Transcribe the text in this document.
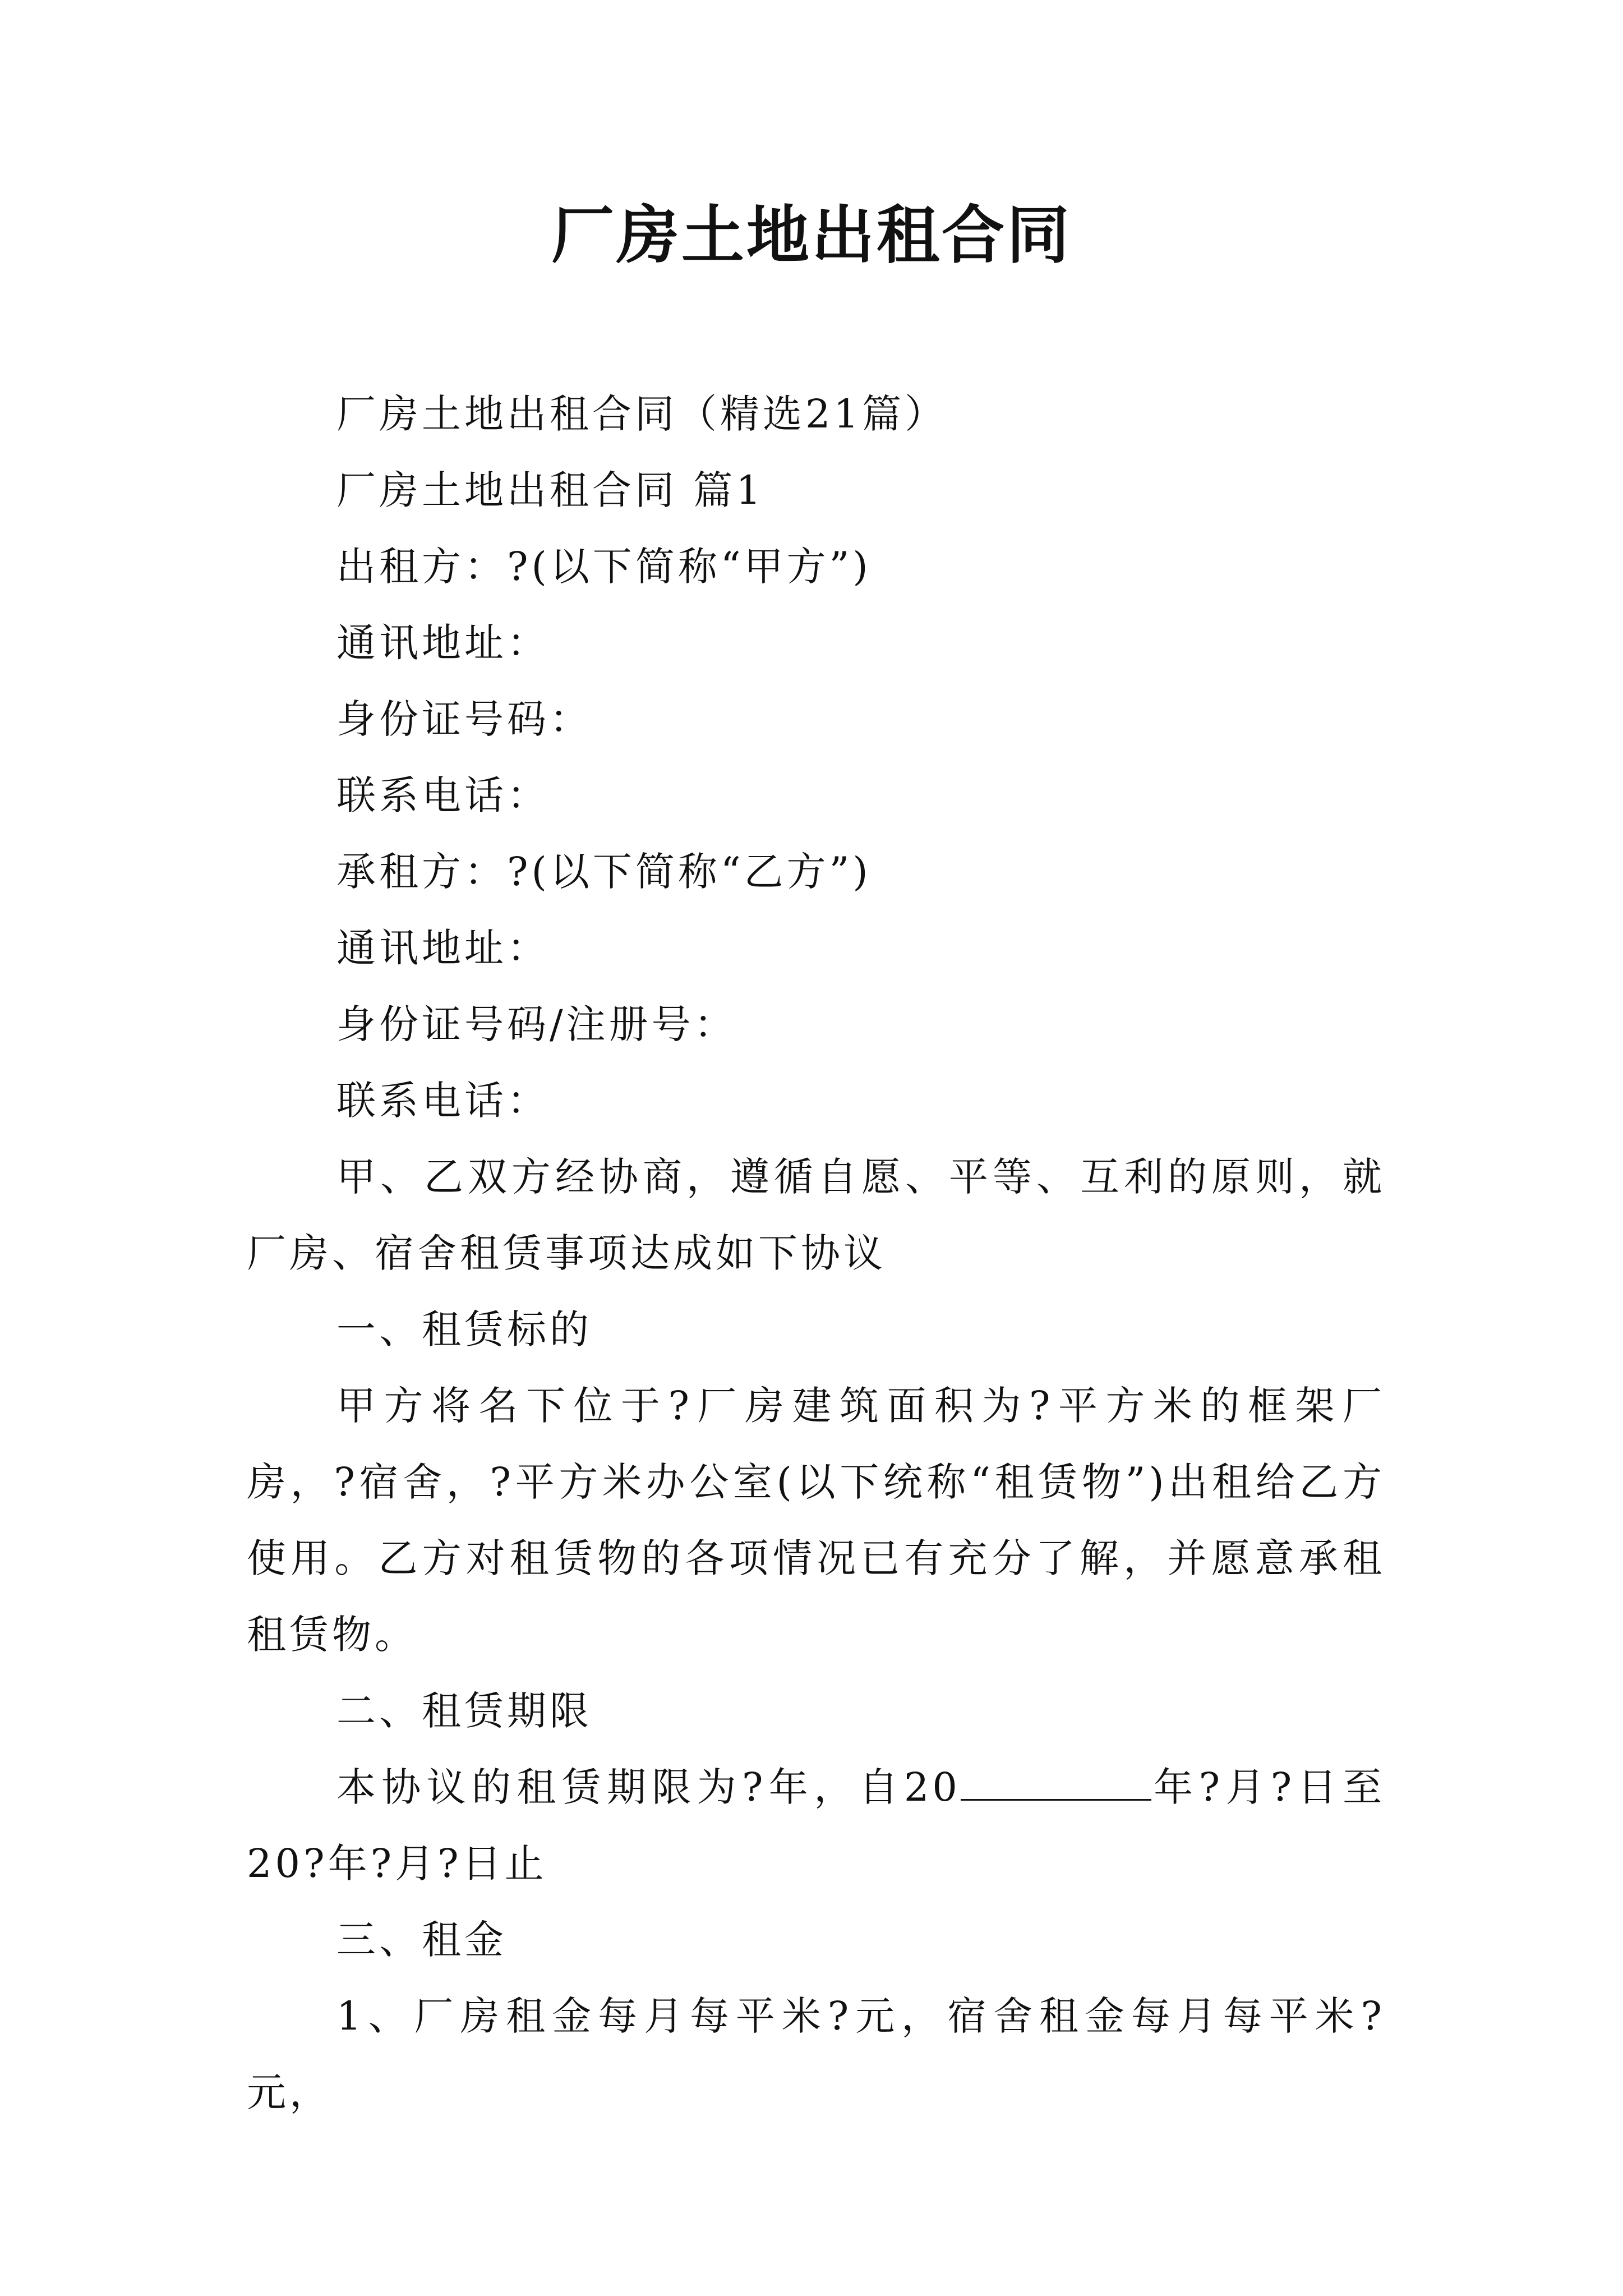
厂房土地出租合同

厂房土地出租合同（精选21篇）

厂房土地出租合同 篇1

出租方：?(以下简称“甲方”)

通讯地址：

身份证号码：

联系电话：

承租方：?(以下简称“乙方”)

通讯地址：

身份证号码/注册号：

联系电话：

甲、乙双方经协商，遵循自愿、平等、互利的原则，就厂房、宿舍租赁事项达成如下协议

一、租赁标的

甲方将名下位于?厂房建筑面积为?平方米的框架厂房，?宿舍，?平方米办公室(以下统称“租赁物”)出租给乙方使用。乙方对租赁物的各项情况已有充分了解，并愿意承租租赁物。

二、租赁期限

本协议的租赁期限为?年，自20	年?月?日至20?年?月?日止

三、租金

1、厂房租金每月每平米?元，宿舍租金每月每平米?元，
